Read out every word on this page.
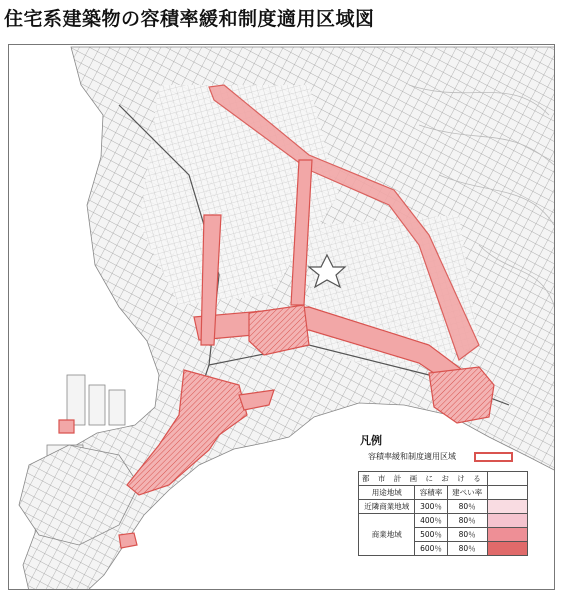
住宅系建築物の容積率緩和制度適用区域図
凡例
容積率緩和制度適用区域
都 市 計 画 に お け る			
用途地域	容積率	建ぺい率	
近隣商業地域	300％	80％	
商業地域	400％	80％	
	500％	80％	
	600％	80％	
